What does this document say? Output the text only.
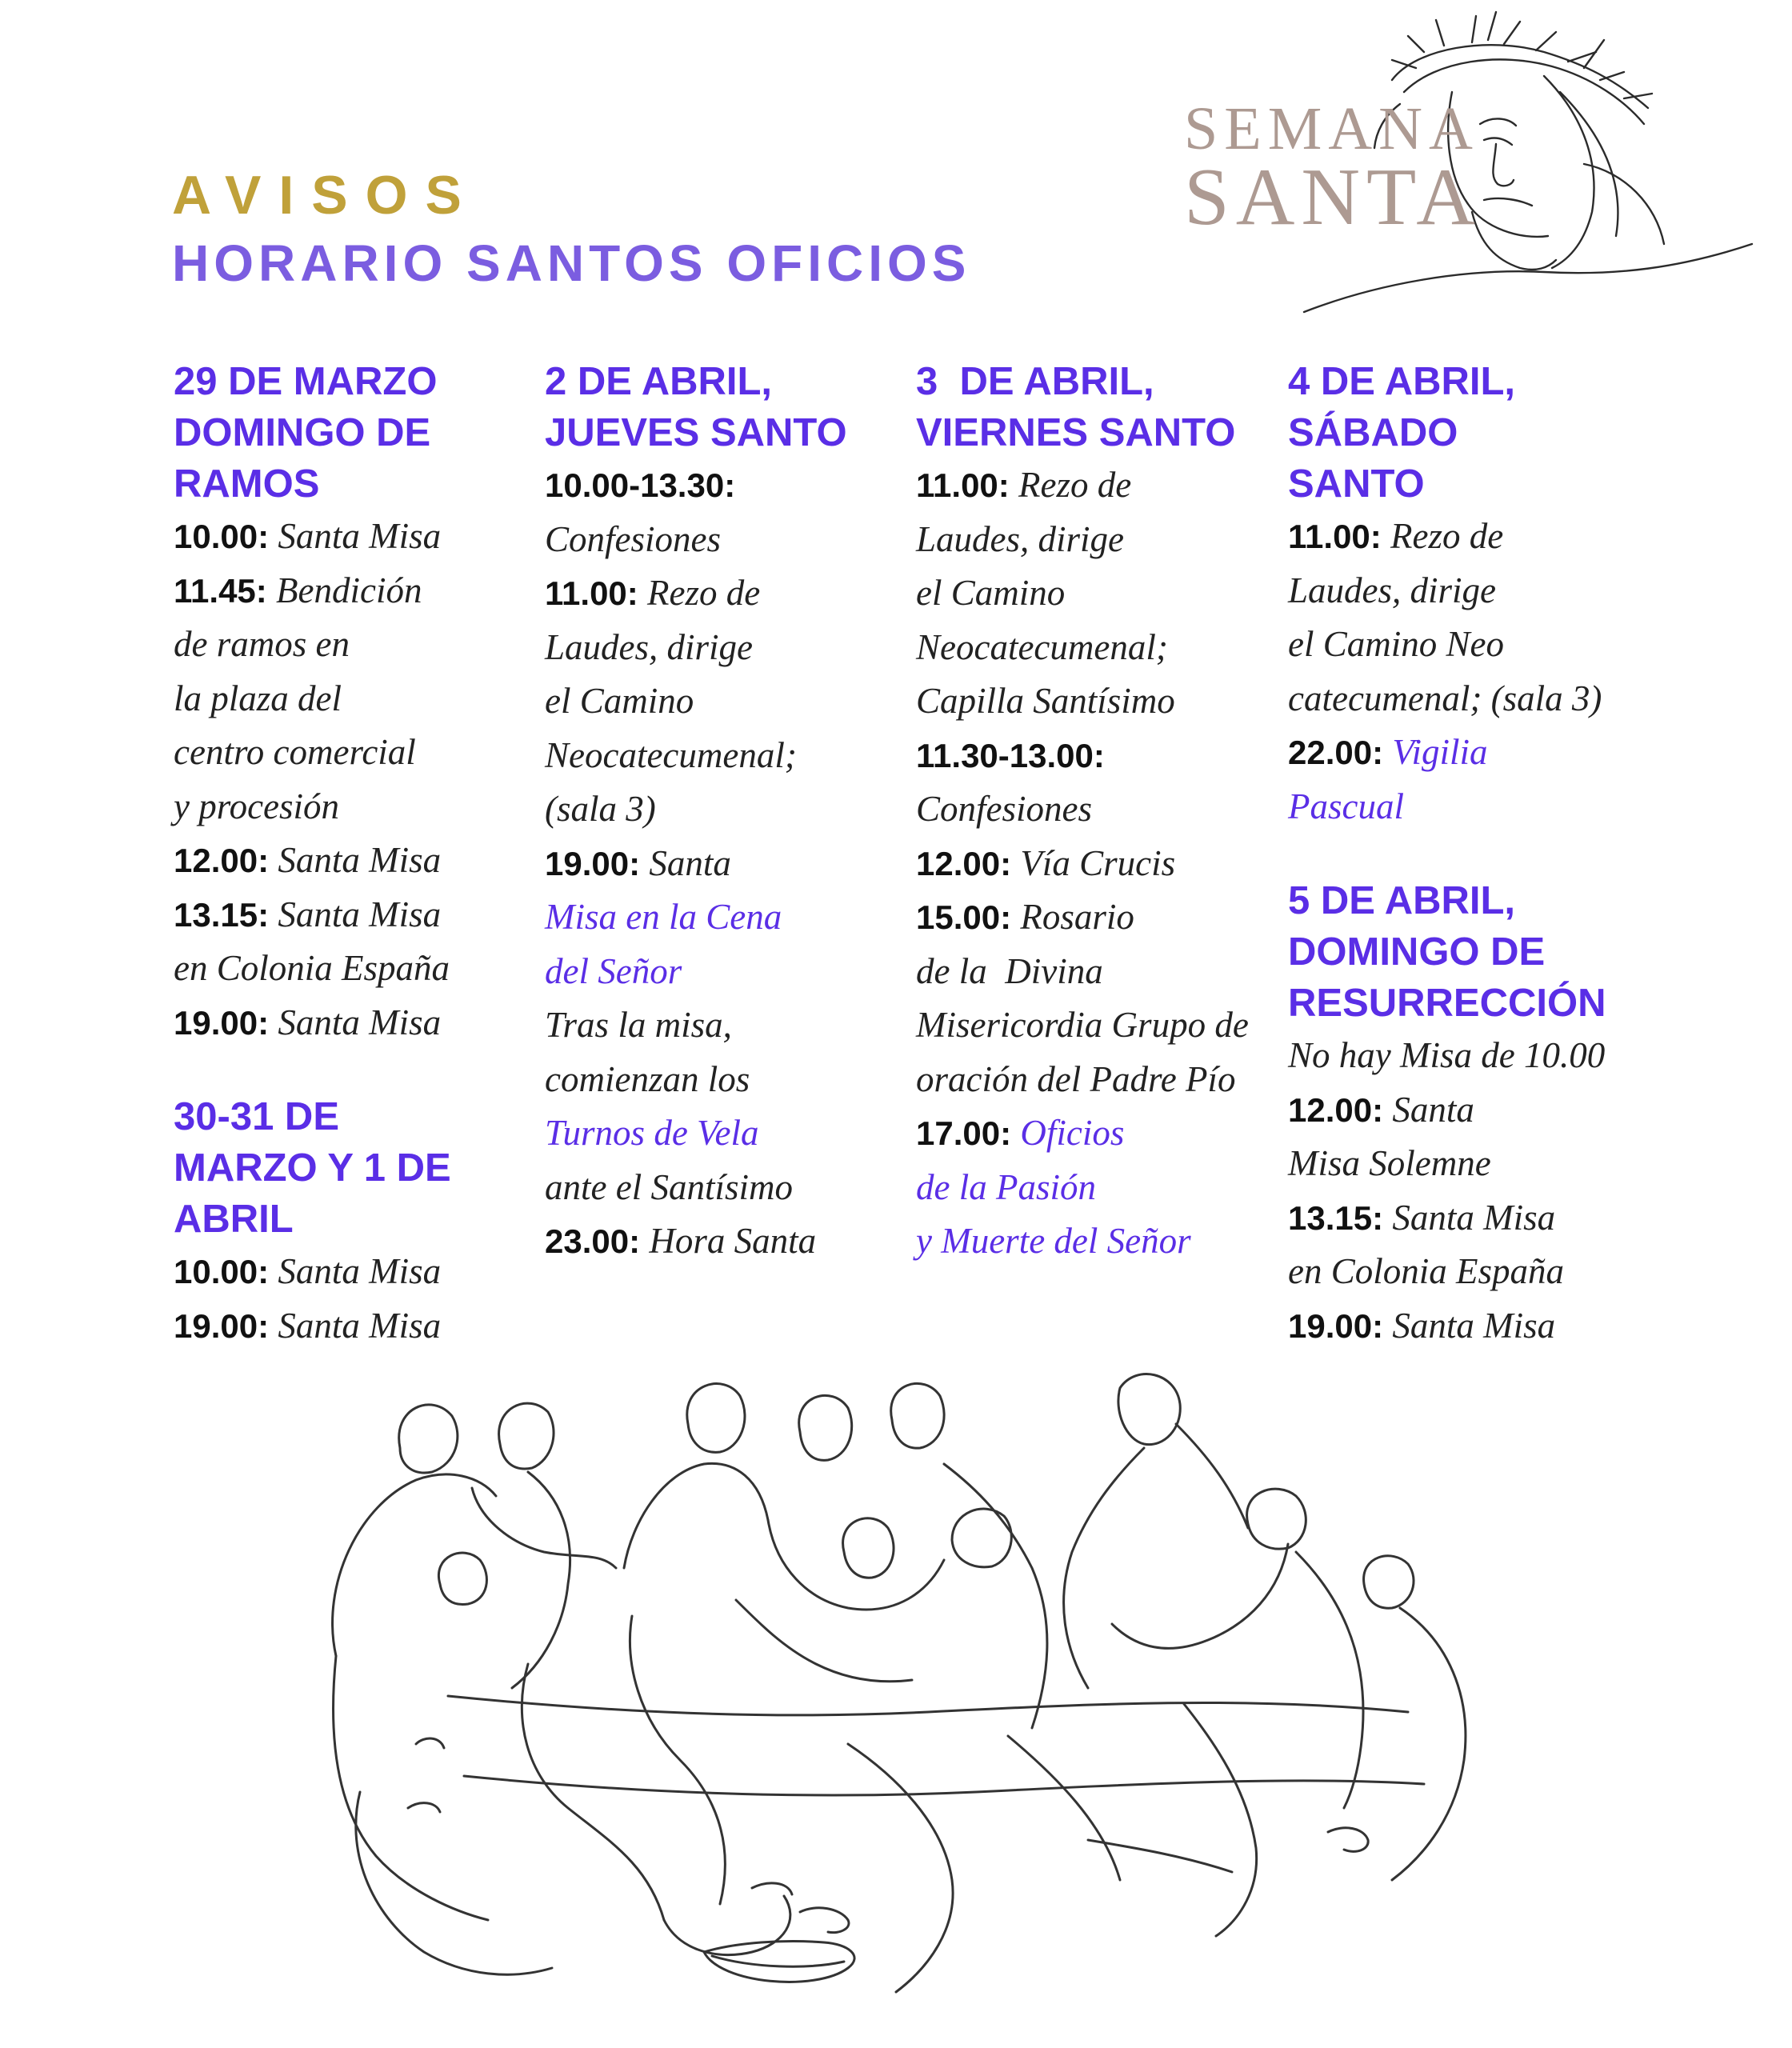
AVISOS
HORARIO SANTOS OFICIOS
SEMANA
SANTA
29 DE MARZO
DOMINGO DE
RAMOS
10.00: Santa Misa
11.45: Bendición
de ramos en
la plaza del
centro comercial
y procesión
12.00: Santa Misa
13.15: Santa Misa
en Colonia España
19.00: Santa Misa
30-31 DE
MARZO Y 1 DE
ABRIL
10.00: Santa Misa
19.00: Santa Misa
2 DE ABRIL,
JUEVES SANTO
10.00-13.30:
Confesiones
11.00: Rezo de
Laudes, dirige
el Camino
Neocatecumenal;
(sala 3)
19.00: Santa
Misa en la Cena
del Señor
Tras la misa,
comienzan los
Turnos de Vela
ante el Santísimo
23.00: Hora Santa
3  DE ABRIL,
VIERNES SANTO
11.00: Rezo de
Laudes, dirige
el Camino
Neocatecumenal;
Capilla Santísimo
11.30-13.00:
Confesiones
12.00: Vía Crucis
15.00: Rosario
de la  Divina
Misericordia Grupo de
oración del Padre Pío
17.00: Oficios
de la Pasión
y Muerte del Señor
4 DE ABRIL,
SÁBADO
SANTO
11.00: Rezo de
Laudes, dirige
el Camino Neo
catecumenal; (sala 3)
22.00: Vigilia
Pascual
5 DE ABRIL,
DOMINGO DE
RESURRECCIÓN
No hay Misa de 10.00
12.00: Santa
Misa Solemne
13.15: Santa Misa
en Colonia España
19.00: Santa Misa
